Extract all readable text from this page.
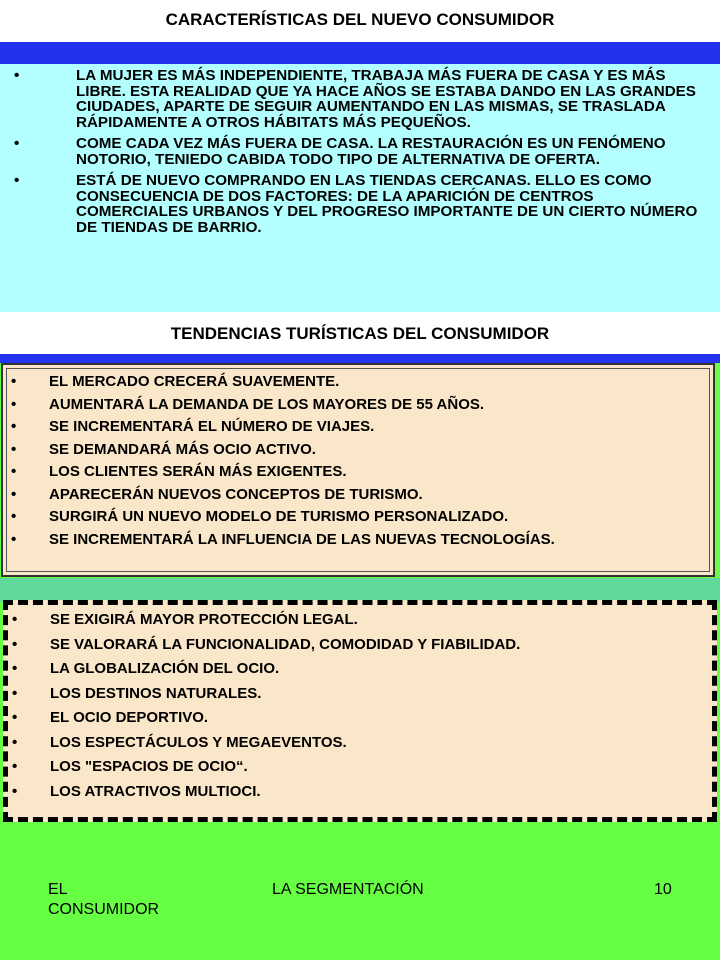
CARACTERÍSTICAS DEL NUEVO CONSUMIDOR
•	LA MUJER ES MÁS INDEPENDIENTE, TRABAJA MÁS FUERA DE CASA Y ES MÁS LIBRE. ESTA REALIDAD QUE YA HACE AÑOS SE ESTABA DANDO EN LAS GRANDES CIUDADES, APARTE DE SEGUIR AUMENTANDO EN LAS MISMAS, SE TRASLADA RÁPIDAMENTE A OTROS HÁBITATS MÁS PEQUEÑOS.
•	COME CADA VEZ MÁS FUERA DE CASA. LA RESTAURACIÓN ES UN FENÓMENO NOTORIO, TENIEDO CABIDA TODO TIPO DE ALTERNATIVA DE OFERTA.
•	ESTÁ DE NUEVO COMPRANDO EN LAS TIENDAS CERCANAS. ELLO ES COMO CONSECUENCIA DE DOS FACTORES: DE LA APARICIÓN DE CENTROS COMERCIALES URBANOS Y DEL PROGRESO IMPORTANTE DE UN CIERTO NÚMERO DE TIENDAS DE BARRIO.
TENDENCIAS TURÍSTICAS DEL CONSUMIDOR
• EL MERCADO CRECERÁ SUAVEMENTE.
• AUMENTARÁ LA DEMANDA DE LOS MAYORES DE 55 AÑOS.
• SE INCREMENTARÁ EL NÚMERO DE VIAJES.
• SE DEMANDARÁ MÁS OCIO ACTIVO.
• LOS CLIENTES SERÁN MÁS EXIGENTES.
• APARECERÁN NUEVOS CONCEPTOS DE TURISMO.
• SURGIRÁ UN NUEVO MODELO DE TURISMO PERSONALIZADO.
• SE INCREMENTARÁ LA INFLUENCIA DE LAS NUEVAS TECNOLOGÍAS.
• SE EXIGIRÁ MAYOR PROTECCIÓN LEGAL.
• SE VALORARÁ LA FUNCIONALIDAD, COMODIDAD Y FIABILIDAD.
• LA GLOBALIZACIÓN DEL OCIO.
• LOS DESTINOS NATURALES.
• EL OCIO DEPORTIVO.
• LOS ESPECTÁCULOS Y MEGAEVENTOS.
• LOS "ESPACIOS DE OCIO“.
• LOS ATRACTIVOS MULTIOCI.
EL
CONSUMIDOR
LA SEGMENTACIÓN	10
